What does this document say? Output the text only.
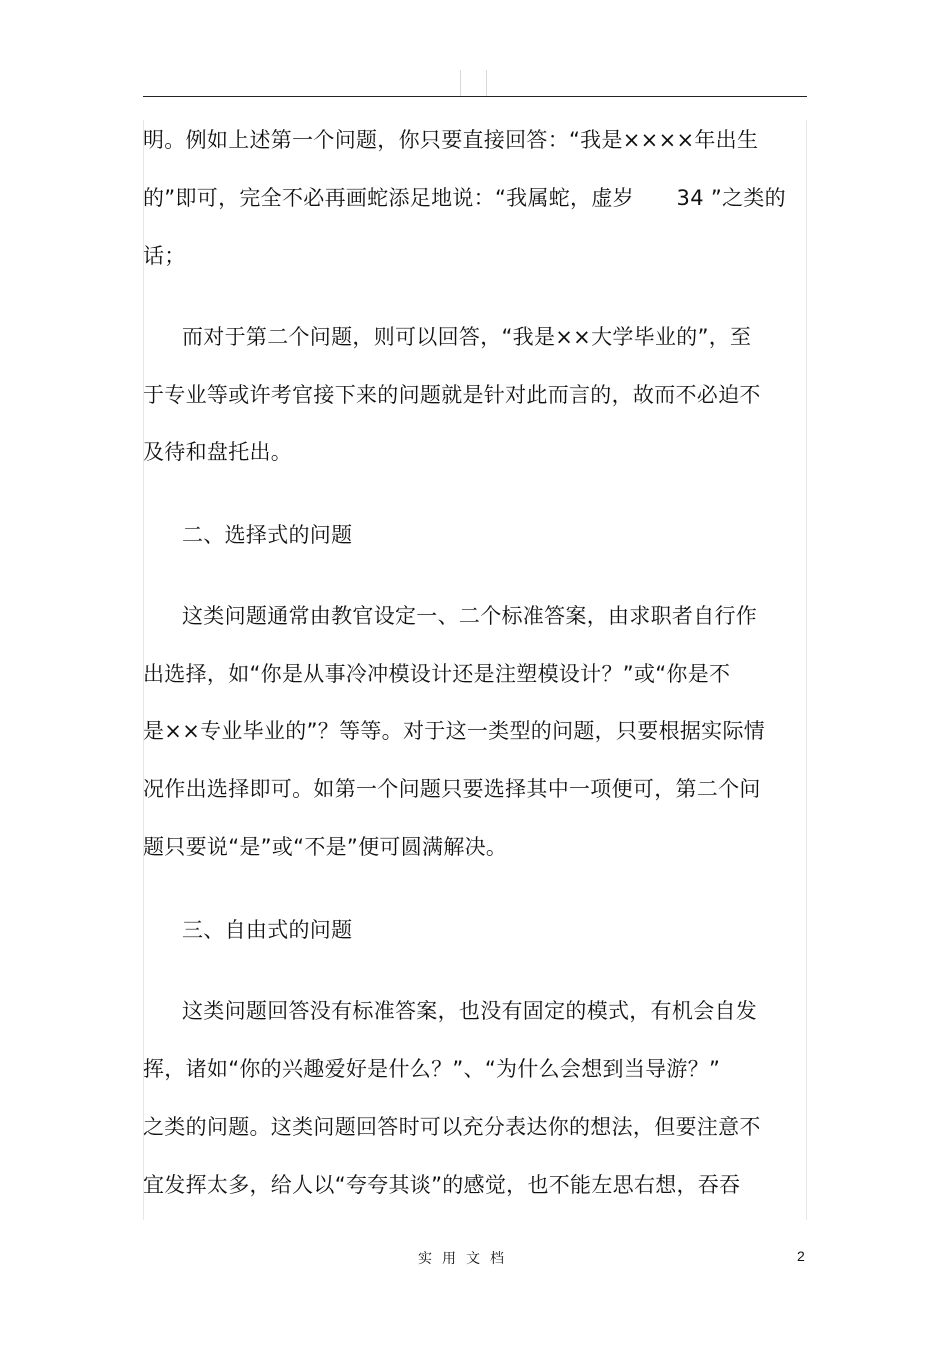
明。例如上述第一个问题，你只要直接回答：“我是××××年出生
的”即可，完全不必再画蛇添足地说：“我属蛇，虚岁　　34 ”之类的
话；
而对于第二个问题，则可以回答，“我是××大学毕业的”，至
于专业等或许考官接下来的问题就是针对此而言的，故而不必迫不
及待和盘托出。
二、选择式的问题
这类问题通常由教官设定一、二个标准答案，由求职者自行作
出选择，如“你是从事冷冲模设计还是注塑模设计？”或“你是不
是××专业毕业的”？等等。对于这一类型的问题，只要根据实际情
况作出选择即可。如第一个问题只要选择其中一项便可，第二个问
题只要说“是”或“不是”便可圆满解决。
三、自由式的问题
这类问题回答没有标准答案，也没有固定的模式，有机会自发
挥，诸如“你的兴趣爱好是什么？”、“为什么会想到当导游？”
之类的问题。这类问题回答时可以充分表达你的想法，但要注意不
宜发挥太多，给人以“夸夸其谈”的感觉，也不能左思右想，吞吞
实用文档	2
